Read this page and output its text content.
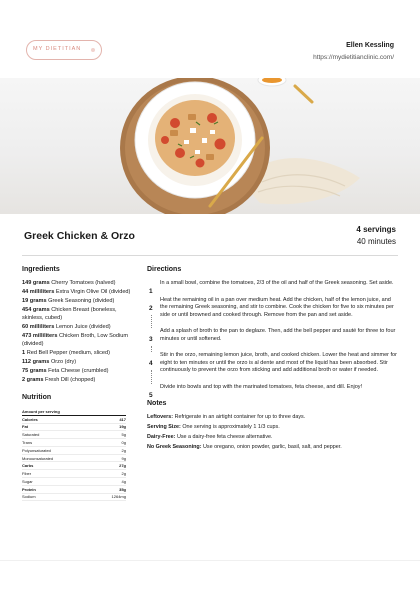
MY DIETITIAN	Ellen Kessling
https://mydietitianclinic.com/
Greek Chicken & Orzo
4 servings
40 minutes
Ingredients
149 grams Cherry Tomatoes (halved)
44 milliliters Extra Virgin Olive Oil (divided)
19 grams Greek Seasoning (divided)
454 grams Chicken Breast (boneless, skinless, cubed)
60 milliliters Lemon Juice (divided)
473 milliliters Chicken Broth, Low Sodium (divided)
1 Red Bell Pepper (medium, sliced)
112 grams Orzo (dry)
75 grams Feta Cheese (crumbled)
2 grams Fresh Dill (chopped)
Nutrition
Amount per serving	
Calories	417
Fat	19g
Saturated	5g
Trans	0g
Polyunsaturated	2g
Monounsaturated	9g
Carbs	27g
Fiber	2g
Sugar	4g
Protein	35g
Sodium	1264mg
Directions
1
In a small bowl, combine the tomatoes, 2/3 of the oil and half of the Greek seasoning. Set aside.
2
Heat the remaining oil in a pan over medium heat. Add the chicken, half of the lemon juice, and the remaining Greek seasoning, and stir to combine. Cook the chicken for five to six minutes per side or until browned and cooked through. Remove from the pan and set aside.
3
Add a splash of broth to the pan to deglaze. Then, add the bell pepper and sauté for three to four minutes or until softened.
4
Stir in the orzo, remaining lemon juice, broth, and cooked chicken. Lower the heat and simmer for eight to ten minutes or until the orzo is al dente and most of the liquid has been absorbed. Stir continuously to prevent the orzo from sticking and add additional broth or water if needed.
5
Divide into bowls and top with the marinated tomatoes, feta cheese, and dill. Enjoy!
Notes
Leftovers: Refrigerate in an airtight container for up to three days.
Serving Size: One serving is approximately 1 1/3 cups.
Dairy-Free: Use a dairy-free feta cheese alternative.
No Greek Seasoning: Use oregano, onion powder, garlic, basil, salt, and pepper.
